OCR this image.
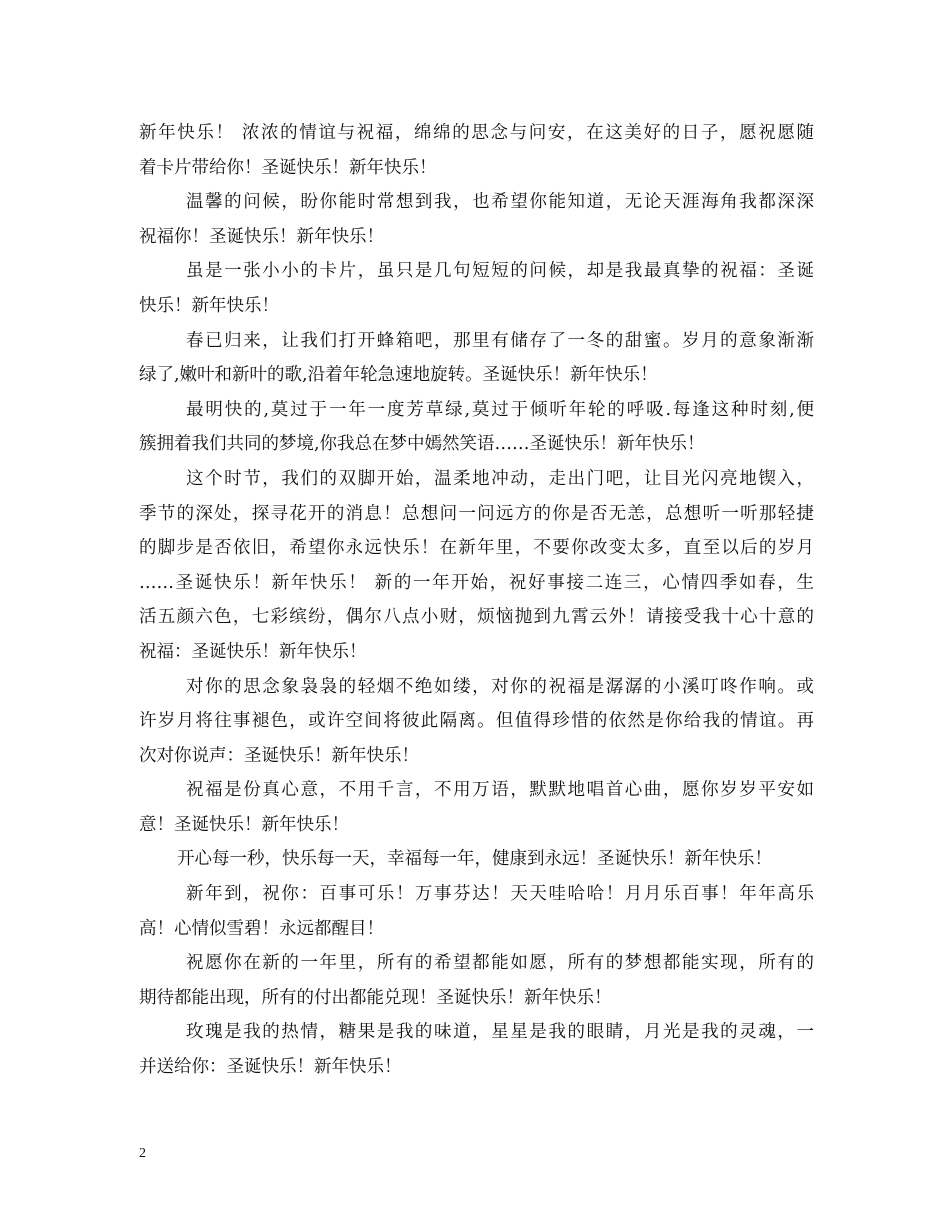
新年快乐！ 浓浓的情谊与祝福，绵绵的思念与问安，在这美好的日子，愿祝愿随
着卡片带给你！圣诞快乐！新年快乐！
温馨的问候，盼你能时常想到我，也希望你能知道，无论天涯海角我都深深
祝福你！圣诞快乐！新年快乐！
虽是一张小小的卡片，虽只是几句短短的问候，却是我最真挚的祝福：圣诞
快乐！新年快乐！
春已归来，让我们打开蜂箱吧，那里有储存了一冬的甜蜜。岁月的意象渐渐
绿了,嫩叶和新叶的歌,沿着年轮急速地旋转。圣诞快乐！新年快乐！
最明快的,莫过于一年一度芳草绿,莫过于倾听年轮的呼吸.每逢这种时刻,便
簇拥着我们共同的梦境,你我总在梦中嫣然笑语……圣诞快乐！新年快乐！
这个时节，我们的双脚开始，温柔地冲动，走出门吧，让目光闪亮地锲入，
季节的深处，探寻花开的消息！总想问一问远方的你是否无恙，总想听一听那轻捷
的脚步是否依旧，希望你永远快乐！在新年里，不要你改变太多，直至以后的岁月
……圣诞快乐！新年快乐！ 新的一年开始，祝好事接二连三，心情四季如春，生
活五颜六色，七彩缤纷，偶尔八点小财，烦恼抛到九霄云外！请接受我十心十意的
祝福：圣诞快乐！新年快乐！
对你的思念象袅袅的轻烟不绝如缕，对你的祝福是潺潺的小溪叮咚作响。或
许岁月将往事褪色，或许空间将彼此隔离。但值得珍惜的依然是你给我的情谊。再
次对你说声：圣诞快乐！新年快乐！
祝福是份真心意，不用千言，不用万语，默默地唱首心曲，愿你岁岁平安如
意！圣诞快乐！新年快乐！
开心每一秒，快乐每一天，幸福每一年，健康到永远！圣诞快乐！新年快乐！
新年到，祝你：百事可乐！万事芬达！天天哇哈哈！月月乐百事！年年高乐
高！心情似雪碧！永远都醒目！
祝愿你在新的一年里，所有的希望都能如愿，所有的梦想都能实现，所有的
期待都能出现，所有的付出都能兑现！圣诞快乐！新年快乐！
玫瑰是我的热情，糖果是我的味道，星星是我的眼睛，月光是我的灵魂，一
并送给你：圣诞快乐！新年快乐！
2
